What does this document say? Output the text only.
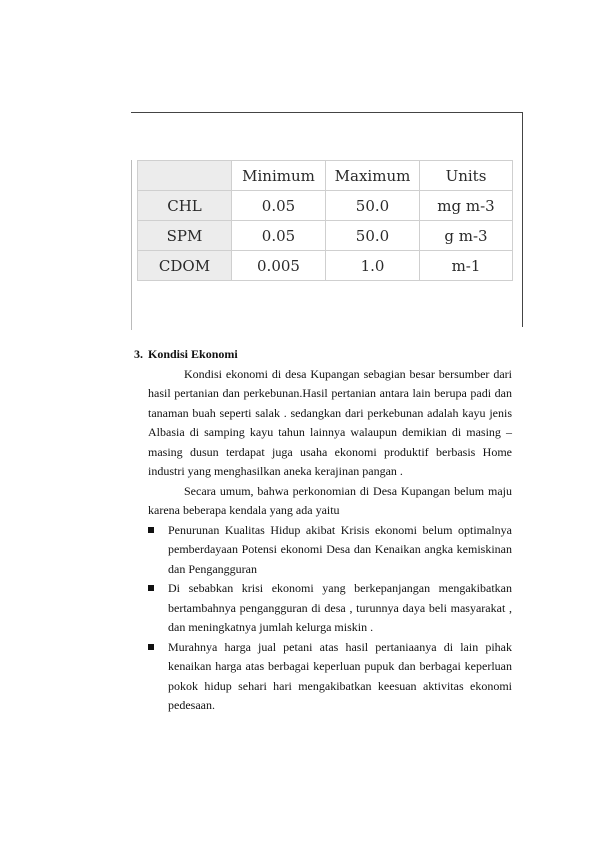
	Minimum	Maximum	Units
CHL	0.05	50.0	mg m-3
SPM	0.05	50.0	g m-3
CDOM	0.005	1.0	m-1

3. Kondisi Ekonomi

Kondisi ekonomi di desa Kupangan sebagian besar bersumber dari hasil pertanian dan perkebunan.Hasil pertanian antara lain berupa padi dan tanaman buah seperti salak . sedangkan dari perkebunan adalah kayu jenis Albasia di samping kayu tahun lainnya walaupun demikian di masing – masing dusun terdapat juga usaha ekonomi produktif berbasis Home industri yang menghasilkan aneka kerajinan pangan .

Secara umum, bahwa perkonomian di Desa Kupangan belum maju karena beberapa kendala yang ada yaitu

Penurunan Kualitas Hidup akibat Krisis ekonomi belum optimalnya pemberdayaan Potensi ekonomi Desa dan Kenaikan angka kemiskinan dan Pengangguran
Di sebabkan krisi ekonomi yang berkepanjangan mengakibatkan bertambahnya pengangguran di desa , turunnya daya beli masyarakat , dan meningkatnya jumlah kelurga miskin .
Murahnya harga jual petani atas hasil pertaniaanya di lain pihak kenaikan harga atas berbagai keperluan pupuk dan berbagai keperluan pokok hidup sehari hari mengakibatkan keesuan aktivitas ekonomi pedesaan.
